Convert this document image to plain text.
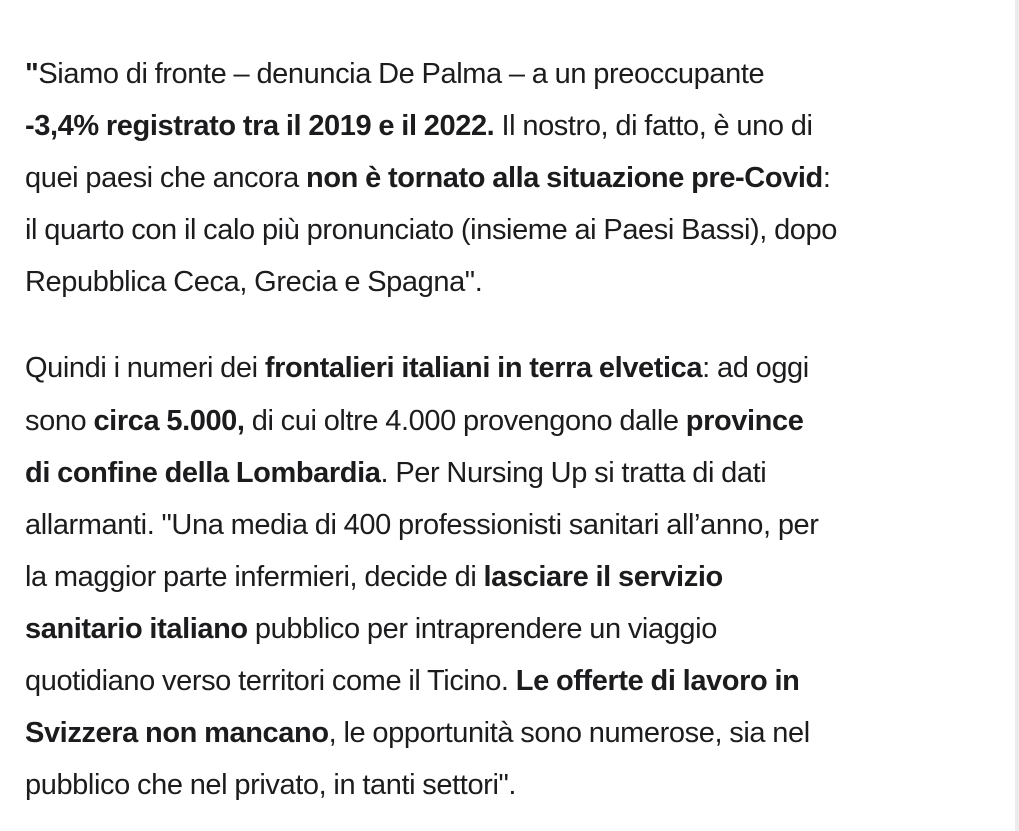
"Siamo di fronte – denuncia De Palma – a un preoccupante
-3,4% registrato tra il 2019 e il 2022. Il nostro, di fatto, è uno di
quei paesi che ancora non è tornato alla situazione pre-Covid:
il quarto con il calo più pronunciato (insieme ai Paesi Bassi), dopo
Repubblica Ceca, Grecia e Spagna".

Quindi i numeri dei frontalieri italiani in terra elvetica: ad oggi
sono circa 5.000, di cui oltre 4.000 provengono dalle province
di confine della Lombardia. Per Nursing Up si tratta di dati
allarmanti. "Una media di 400 professionisti sanitari all’anno, per
la maggior parte infermieri, decide di lasciare il servizio
sanitario italiano pubblico per intraprendere un viaggio
quotidiano verso territori come il Ticino. Le offerte di lavoro in
Svizzera non mancano, le opportunità sono numerose, sia nel
pubblico che nel privato, in tanti settori".
